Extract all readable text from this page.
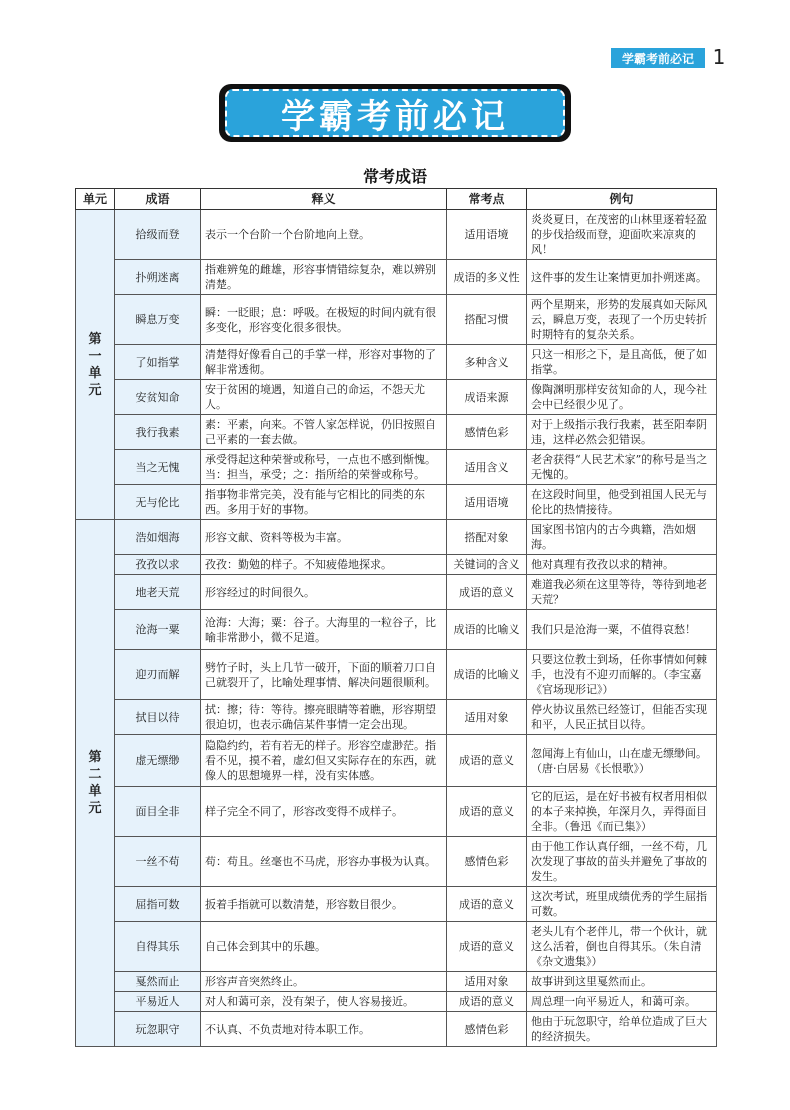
学霸考前必记 1
学霸考前必记
常考成语
单元	成语	释义	常考点	例句
第一单元	拾级而登	表示一个台阶一个台阶地向上登。	适用语境	炎炎夏日，在茂密的山林里逐着轻盈的步伐拾级而登，迎面吹来凉爽的风！
	扑朔迷离	指难辨兔的雌雄，形容事情错综复杂，难以辨别清楚。	成语的多义性	这件事的发生让案情更加扑朔迷离。
	瞬息万变	瞬：一眨眼；息：呼吸。在极短的时间内就有很多变化，形容变化很多很快。	搭配习惯	两个星期来，形势的发展真如天际风云，瞬息万变，表现了一个历史转折时期特有的复杂关系。
	了如指掌	清楚得好像看自己的手掌一样，形容对事物的了解非常透彻。	多种含义	只这一相形之下，是且高低，便了如指掌。
	安贫知命	安于贫困的境遇，知道自己的命运，不怨天尤人。	成语来源	像陶渊明那样安贫知命的人，现今社会中已经很少见了。
	我行我素	素：平素，向来。不管人家怎样说，仍旧按照自己平素的一套去做。	感情色彩	对于上级指示我行我素，甚至阳奉阴违，这样必然会犯错误。
	当之无愧	承受得起这种荣誉或称号，一点也不感到惭愧。当：担当，承受；之：指所给的荣誉或称号。	适用含义	老舍获得“人民艺术家”的称号是当之无愧的。
	无与伦比	指事物非常完美，没有能与它相比的同类的东西。多用于好的事物。	适用语境	在这段时间里，他受到祖国人民无与伦比的热情接待。
第二单元	浩如烟海	形容文献、资料等极为丰富。	搭配对象	国家图书馆内的古今典籍，浩如烟海。
	孜孜以求	孜孜：勤勉的样子。不知疲倦地探求。	关键词的含义	他对真理有孜孜以求的精神。
	地老天荒	形容经过的时间很久。	成语的意义	难道我必须在这里等待，等待到地老天荒？
	沧海一粟	沧海：大海；粟：谷子。大海里的一粒谷子，比喻非常渺小，微不足道。	成语的比喻义	我们只是沧海一粟，不值得哀愁！
	迎刃而解	劈竹子时，头上几节一破开，下面的顺着刀口自己就裂开了，比喻处理事情、解决问题很顺利。	成语的比喻义	只要这位教士到场，任你事情如何棘手，也没有不迎刃而解的。（李宝嘉《官场现形记》）
	拭目以待	拭：擦；待：等待。擦亮眼睛等着瞧，形容期望很迫切，也表示确信某件事情一定会出现。	适用对象	停火协议虽然已经签订，但能否实现和平，人民正拭目以待。
	虚无缥缈	隐隐约约，若有若无的样子。形容空虚渺茫。指看不见，摸不着，虚幻但又实际存在的东西，就像人的思想境界一样，没有实体感。	成语的意义	忽闻海上有仙山，山在虚无缥缈间。（唐·白居易《长恨歌》）
	面目全非	样子完全不同了，形容改变得不成样子。	成语的意义	它的厄运，是在好书被有权者用相似的本子来掉换，年深月久，弄得面目全非。（鲁迅《而已集》）
	一丝不苟	苟：苟且。丝毫也不马虎，形容办事极为认真。	感情色彩	由于他工作认真仔细，一丝不苟，几次发现了事故的苗头并避免了事故的发生。
	屈指可数	扳着手指就可以数清楚，形容数目很少。	成语的意义	这次考试，班里成绩优秀的学生屈指可数。
	自得其乐	自己体会到其中的乐趣。	成语的意义	老头儿有个老伴儿，带一个伙计，就这么活着，倒也自得其乐。（朱自清《杂文遗集》）
	戛然而止	形容声音突然终止。	适用对象	故事讲到这里戛然而止。
	平易近人	对人和蔼可亲，没有架子，使人容易接近。	成语的意义	周总理一向平易近人，和蔼可亲。
	玩忽职守	不认真、不负责地对待本职工作。	感情色彩	他由于玩忽职守，给单位造成了巨大的经济损失。
